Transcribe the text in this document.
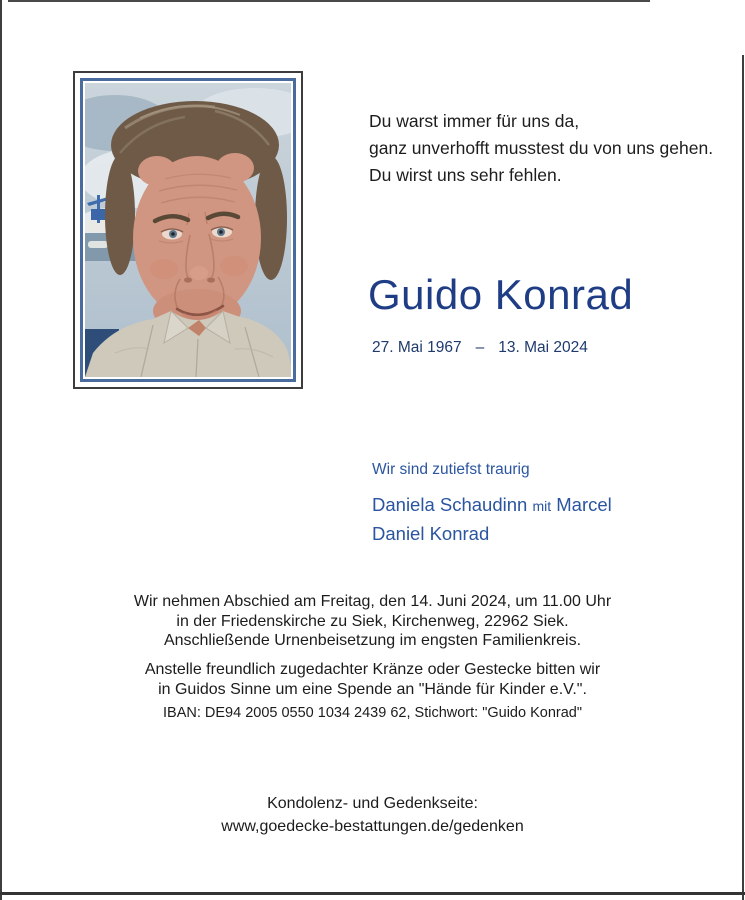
Du warst immer für uns da,
ganz unverhofft musstest du von uns gehen.
Du wirst uns sehr fehlen.
Guido Konrad
27. Mai 1967 – 13. Mai 2024
Wir sind zutiefst traurig
Daniela Schaudinn mit Marcel
Daniel Konrad
Wir nehmen Abschied am Freitag, den 14. Juni 2024, um 11.00 Uhr
in der Friedenskirche zu Siek, Kirchenweg, 22962 Siek.
Anschließende Urnenbeisetzung im engsten Familienkreis.
Anstelle freundlich zugedachter Kränze oder Gestecke bitten wir
in Guidos Sinne um eine Spende an "Hände für Kinder e.V.".
IBAN: DE94 2005 0550 1034 2439 62, Stichwort: "Guido Konrad"
Kondolenz- und Gedenkseite:
www,goedecke-bestattungen.de/gedenken
